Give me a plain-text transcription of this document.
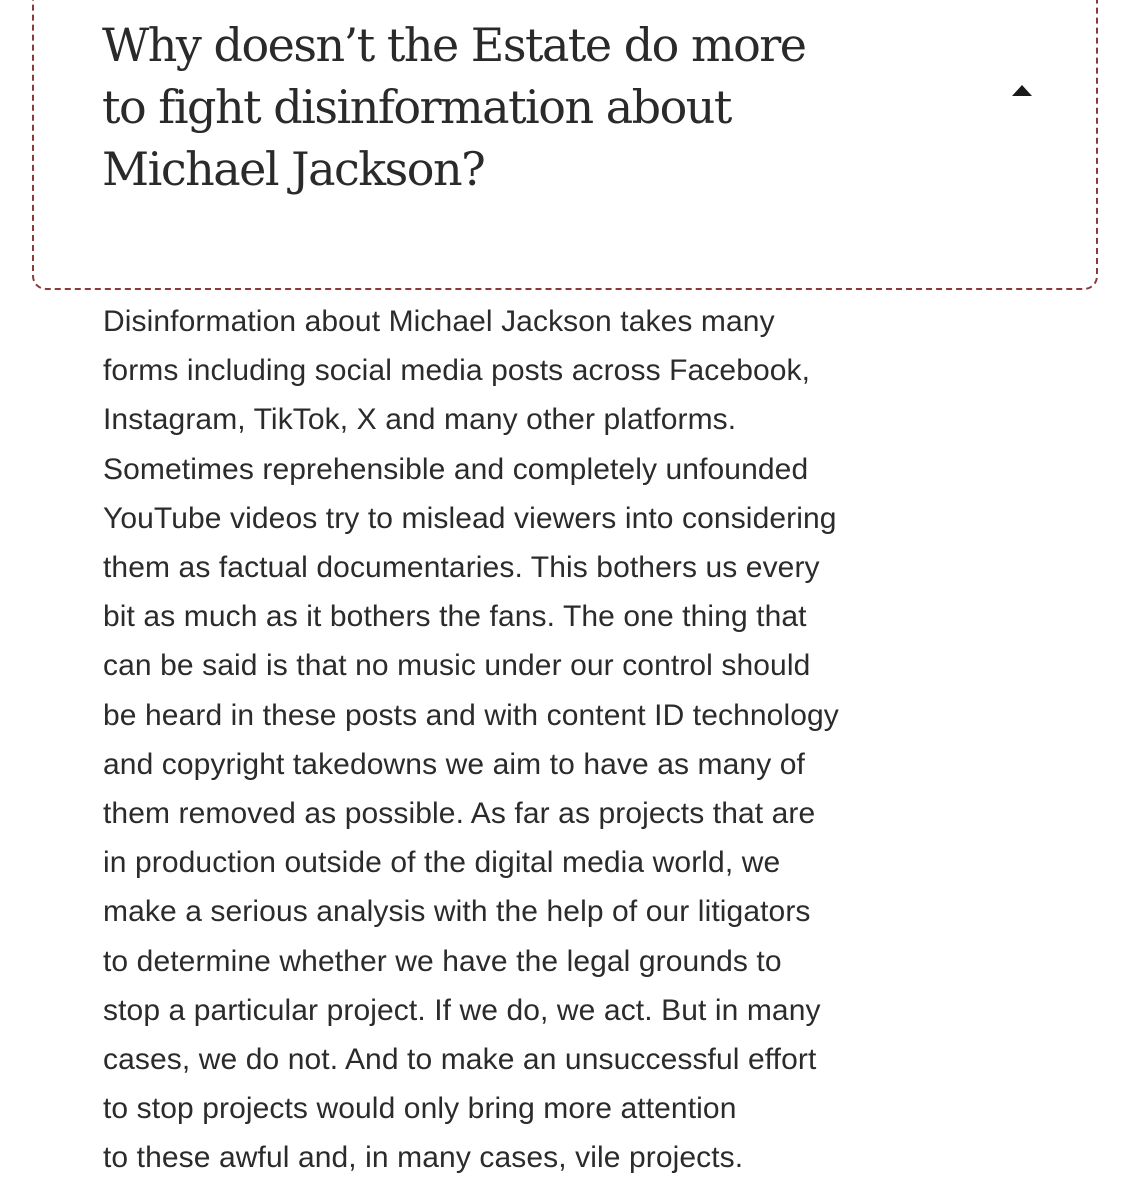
Why doesn’t the Estate do more
to fight disinformation about
Michael Jackson?

Disinformation about Michael Jackson takes many
forms including social media posts across Facebook,
Instagram, TikTok, X and many other platforms.
Sometimes reprehensible and completely unfounded
YouTube videos try to mislead viewers into considering
them as factual documentaries. This bothers us every
bit as much as it bothers the fans. The one thing that
can be said is that no music under our control should
be heard in these posts and with content ID technology
and copyright takedowns we aim to have as many of
them removed as possible. As far as projects that are
in production outside of the digital media world, we
make a serious analysis with the help of our litigators
to determine whether we have the legal grounds to
stop a particular project. If we do, we act. But in many
cases, we do not. And to make an unsuccessful effort
to stop projects would only bring more attention
to these awful and, in many cases, vile projects.
